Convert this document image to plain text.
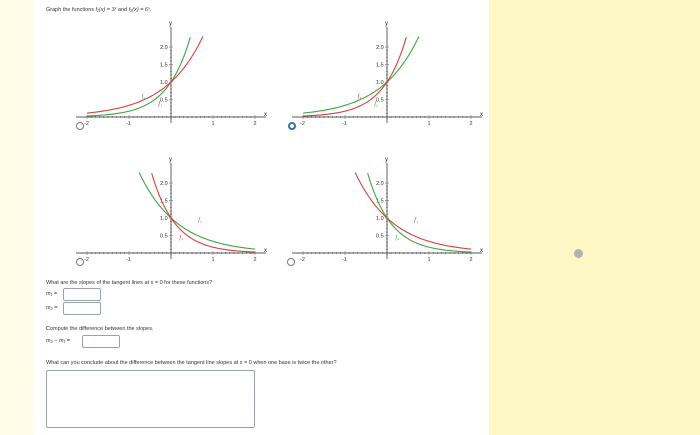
Graph the functions f₁(x) = 3ˣ and f₂(x) = 6ˣ.
-2	-1	1	2
2.0
1.5
1.0
0.5
y
x
f₂
f₁
-2	-1	1	2
2.0
1.5
1.0
0.5
y
x
f₁
f₂
-2	-1	1	2
2.0
1.5
1.0
0.5
y
x
f₂
f₁
-2	-1	1	2
2.0
1.5
1.0
0.5
y
x
f₁
f₂
What are the slopes of the tangent lines at x = 0 for these functions?
m₁ =
m₂ =
Compute the difference between the slopes.
m₂ − m₁ =
What can you conclude about the difference between the tangent line slopes at x = 0 when one base is twice the other?
